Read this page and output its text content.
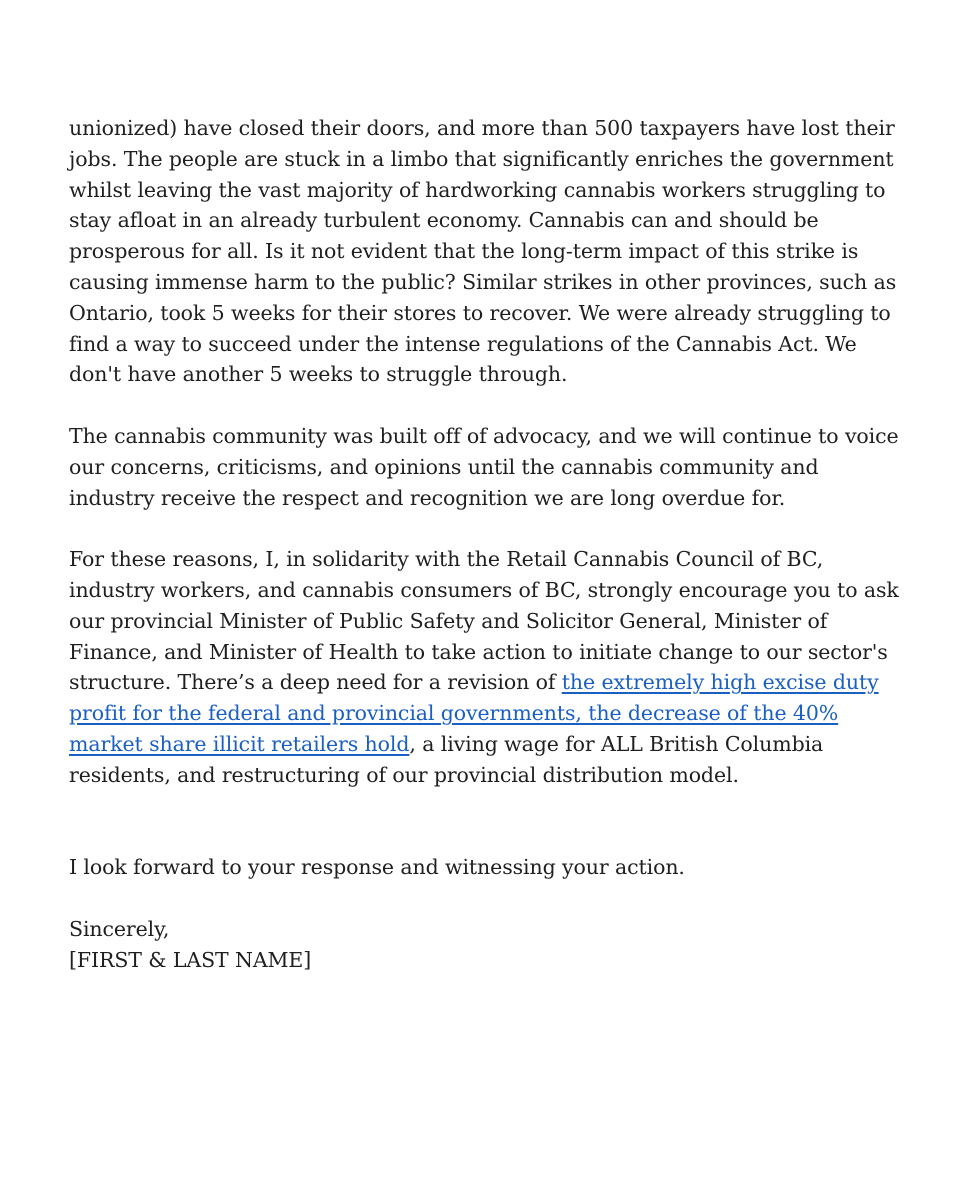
unionized) have closed their doors, and more than 500 taxpayers have lost their jobs. The people are stuck in a limbo that significantly enriches the government whilst leaving the vast majority of hardworking cannabis workers struggling to stay afloat in an already turbulent economy. Cannabis can and should be prosperous for all. Is it not evident that the long-term impact of this strike is causing immense harm to the public? Similar strikes in other provinces, such as Ontario, took 5 weeks for their stores to recover. We were already struggling to find a way to succeed under the intense regulations of the Cannabis Act. We don't have another 5 weeks to struggle through.

The cannabis community was built off of advocacy, and we will continue to voice our concerns, criticisms, and opinions until the cannabis community and industry receive the respect and recognition we are long overdue for.

For these reasons, I, in solidarity with the Retail Cannabis Council of BC, industry workers, and cannabis consumers of BC, strongly encourage you to ask our provincial Minister of Public Safety and Solicitor General, Minister of Finance, and Minister of Health to take action to initiate change to our sector's structure. There’s a deep need for a revision of the extremely high excise duty profit for the federal and provincial governments, the decrease of the 40% market share illicit retailers hold, a living wage for ALL British Columbia residents, and restructuring of our provincial distribution model.

I look forward to your response and witnessing your action.

Sincerely,

[FIRST & LAST NAME]
